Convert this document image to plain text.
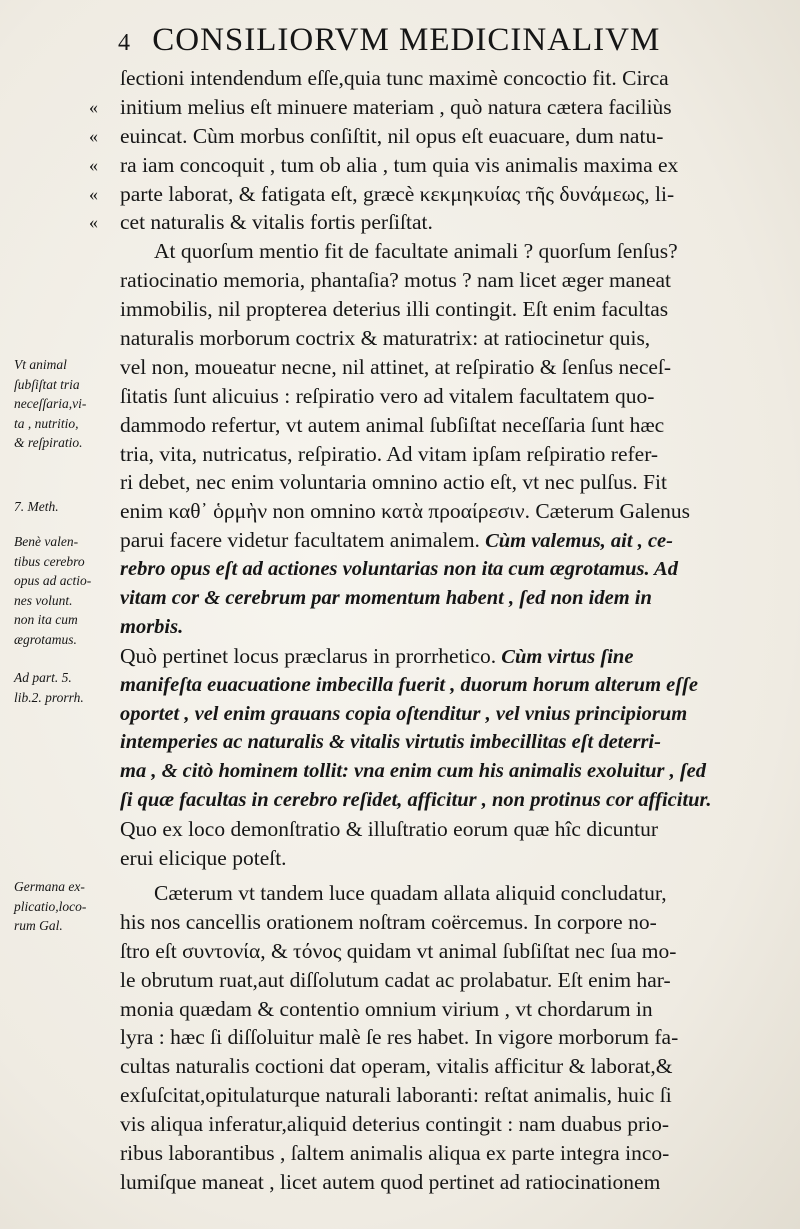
4 CONSILIORVM MEDICINALIVM
Vt animal
ſubſiſtat tria
neceſſaria,vi-
ta , nutritio,
& reſpiratio.
7. Meth.
Benè valen-
tibus cerebro
opus ad actio-
nes volunt.
non ita cum
ægrotamus.
Ad part. 5.
lib.2. prorrh.
Germana ex-
plicatio,loco-
rum Gal.
ſectioni intendendum eſſe,quia tunc maximè concoctio fit. Circa
« initium melius eſt minuere materiam , quò natura cætera faciliùs
« euincat. Cùm morbus conſiſtit, nil opus eſt euacuare, dum natu-
« ra iam concoquit , tum ob alia , tum quia vis animalis maxima ex
« parte laborat, & fatigata eſt, græcè κεκμηκυίας τῆς δυνάμεως, li-
« cet naturalis & vitalis fortis perſiſtat.
At quorſum mentio fit de facultate animali ? quorſum ſenſus?
ratiocinatio memoria, phantaſia? motus ? nam licet æger maneat
immobilis, nil propterea deterius illi contingit. Eſt enim facultas
naturalis morborum coctrix & maturatrix: at ratiocinetur quis,
vel non, moueatur necne, nil attinet, at reſpiratio & ſenſus neceſ-
ſitatis ſunt alicuius : reſpiratio vero ad vitalem facultatem quo-
dammodo refertur, vt autem animal ſubſiſtat neceſſaria ſunt hæc
tria, vita, nutricatus, reſpiratio. Ad vitam ipſam reſpiratio refer-
ri debet, nec enim voluntaria omnino actio eſt, vt nec pulſus. Fit
enim καθ᾽ ὁρμὴν non omnino κατὰ προαίρεσιν. Cæterum Galenus
parui facere videtur facultatem animalem. Cùm valemus, ait , ce-
rebro opus eſt ad actiones voluntarias non ita cum ægrotamus. Ad
vitam cor & cerebrum par momentum habent , ſed non idem in
morbis.
Quò pertinet locus præclarus in prorrhetico. Cùm virtus ſine
manifeſta euacuatione imbecilla fuerit , duorum horum alterum eſſe
oportet , vel enim grauans copia oſtenditur , vel vnius principiorum
intemperies ac naturalis & vitalis virtutis imbecillitas eſt deterri-
ma , & citò hominem tollit: vna enim cum his animalis exoluitur , ſed
ſi quæ facultas in cerebro reſidet, afficitur , non protinus cor afficitur.
Quo ex loco demonſtratio & illuſtratio eorum quæ hîc dicuntur
erui elicique poteſt.
Cæterum vt tandem luce quadam allata aliquid concludatur,
his nos cancellis orationem noſtram coërcemus. In corpore no-
ſtro eſt συντονία, & τόνος quidam vt animal ſubſiſtat nec ſua mo-
le obrutum ruat,aut diſſolutum cadat ac prolabatur. Eſt enim har-
monia quædam & contentio omnium virium , vt chordarum in
lyra : hæc ſi diſſoluitur malè ſe res habet. In vigore morborum fa-
cultas naturalis coctioni dat operam, vitalis afficitur & laborat,&
exſuſcitat,opitulaturque naturali laboranti: reſtat animalis, huic ſi
vis aliqua inferatur,aliquid deterius contingit : nam duabus prio-
ribus laborantibus , ſaltem animalis aliqua ex parte integra inco-
lumiſque maneat , licet autem quod pertinet ad ratiocinationem
